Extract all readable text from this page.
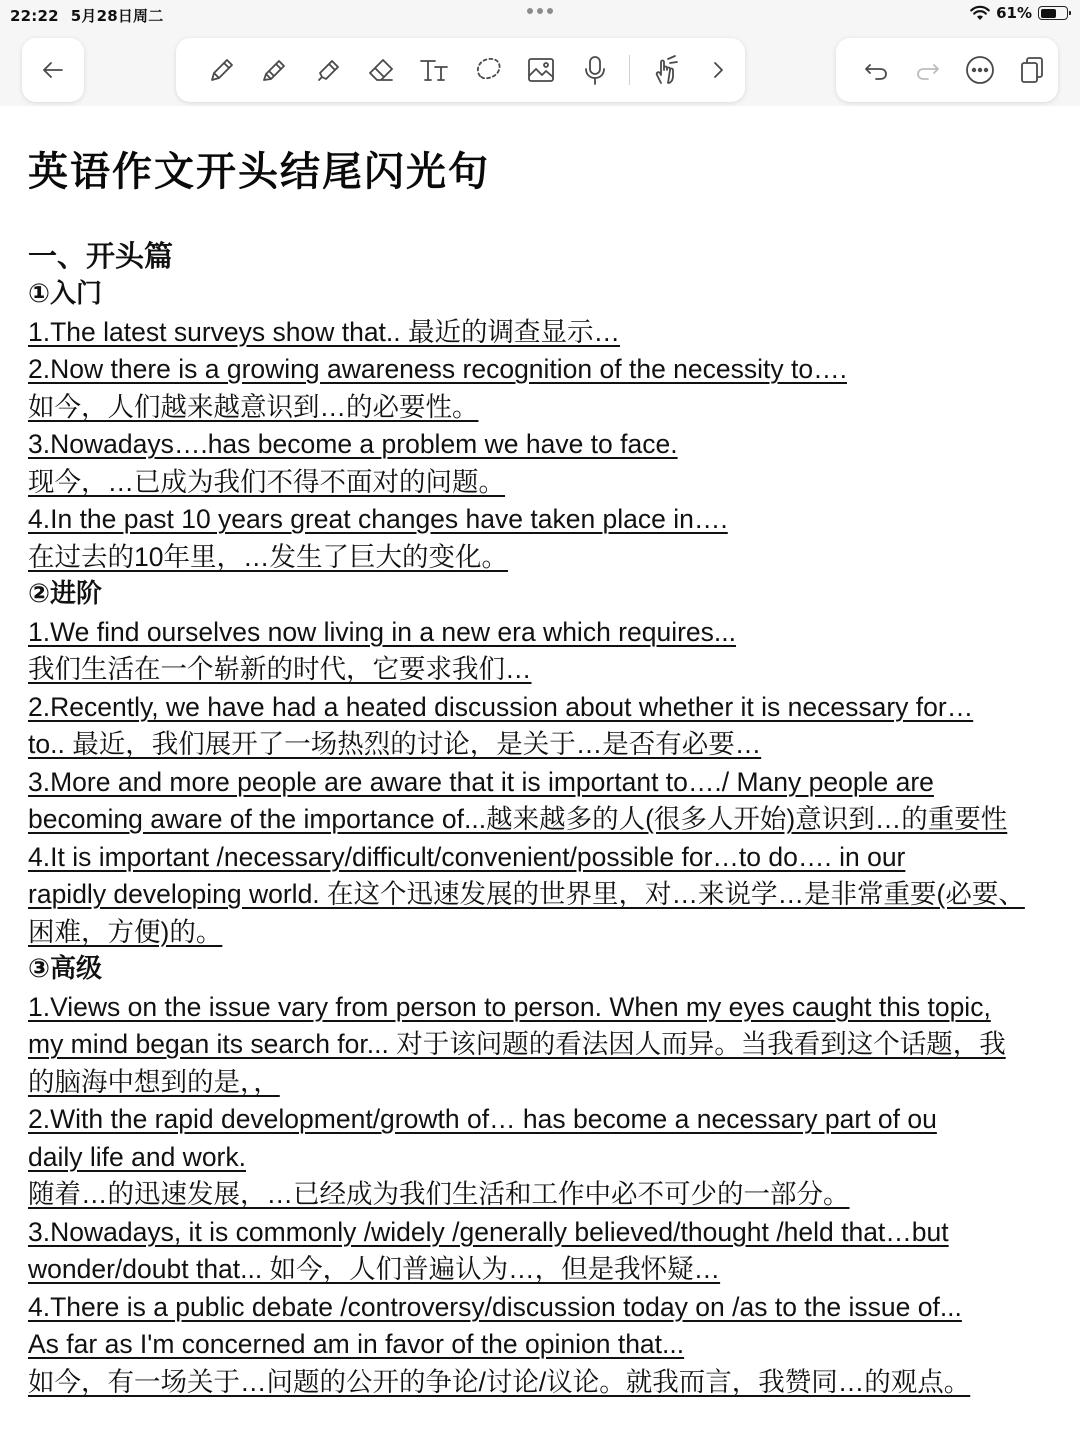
22:22 5月28日周二	61%
英语作文开头结尾闪光句
一、开头篇
①入门
1.The latest surveys show that.. 最近的调查显示…
2.Now there is a growing awareness recognition of the necessity to….
如今，人们越来越意识到…的必要性。
3.Nowadays….has become a problem we have to face.
现今，…已成为我们不得不面对的问题。
4.In the past 10 years great changes have taken place in….
在过去的10年里，…发生了巨大的变化。
②进阶
1.We find ourselves now living in a new era which requires...
我们生活在一个崭新的时代，它要求我们…
2.Recently, we have had a heated discussion about whether it is necessary for…
to.. 最近，我们展开了一场热烈的讨论，是关于…是否有必要…
3.More and more people are aware that it is important to…./ Many people are
becoming aware of the importance of...越来越多的人(很多人开始)意识到…的重要性
4.It is important /necessary/difficult/convenient/possible for…to do…. in our
rapidly developing world. 在这个迅速发展的世界里，对…来说学…是非常重要(必要、
困难，方便)的。
③高级
1.Views on the issue vary from person to person. When my eyes caught this topic,
my mind began its search for... 对于该问题的看法因人而异。当我看到这个话题，我
的脑海中想到的是，，
2.With the rapid development/growth of… has become a necessary part of ou
daily life and work.
随着…的迅速发展，…已经成为我们生活和工作中必不可少的一部分。
3.Nowadays, it is commonly /widely /generally believed/thought /held that…but
wonder/doubt that... 如今，人们普遍认为…，但是我怀疑…
4.There is a public debate /controversy/discussion today on /as to the issue of...
As far as I'm concerned am in favor of the opinion that...
如今，有一场关于…问题的公开的争论/讨论/议论。就我而言，我赞同…的观点。
